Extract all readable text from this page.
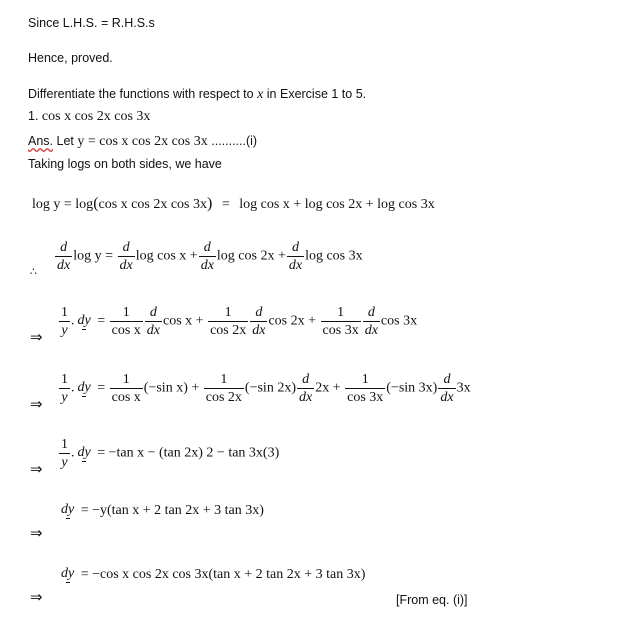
Since L.H.S. = R.H.S.s
Hence, proved.
Differentiate the functions with respect to x in Exercise 1 to 5.
1. cos x cos 2x cos 3x
Ans. Let y = cos x cos 2x cos 3x ..........(i)
Taking logs on both sides, we have
log y = log(cos x cos 2x cos 3x) = log cos x + log cos 2x + log cos 3x
∴ $\frac{d}{dx}$ $\log y = \frac{d}{dx}$ $\log \cos x + \frac{d}{dx}$ $\log \cos 2x + \frac{d}{dx}$ log cos 3x
⇒ $\frac{1}{y}$ . dy = $\frac{1}{\text{cos x}} \frac{d}{dx}$ $\cos x + \frac{1}{\cos 2x} \frac{d}{dx}$ $\cos 2x + \frac{1}{\cos 3x} \frac{d}{dx}$ cos 3x
⇒ $\frac{1}{y}$ . dy = $\frac{1}{\text{cos x}} (-\sin$ $x) + \frac{1}{\cos 2x} (-\sin$ $2x) \frac{d}{dx} 2x + \frac{1}{\cos 3x} (-\sin$ $3x) \frac{d}{dx} 3x$
⇒ $\frac{1}{y}$ . dy = −tan x − (tan 2x) 2 − tan 3x(3)
⇒
dy = −y(tan x + 2 tan 2x + 3 tan 3x)
⇒
dy = −cos x cos 2x cos 3x(tan x + 2 tan 2x + 3 tan 3x)
[From eq. (i)]
